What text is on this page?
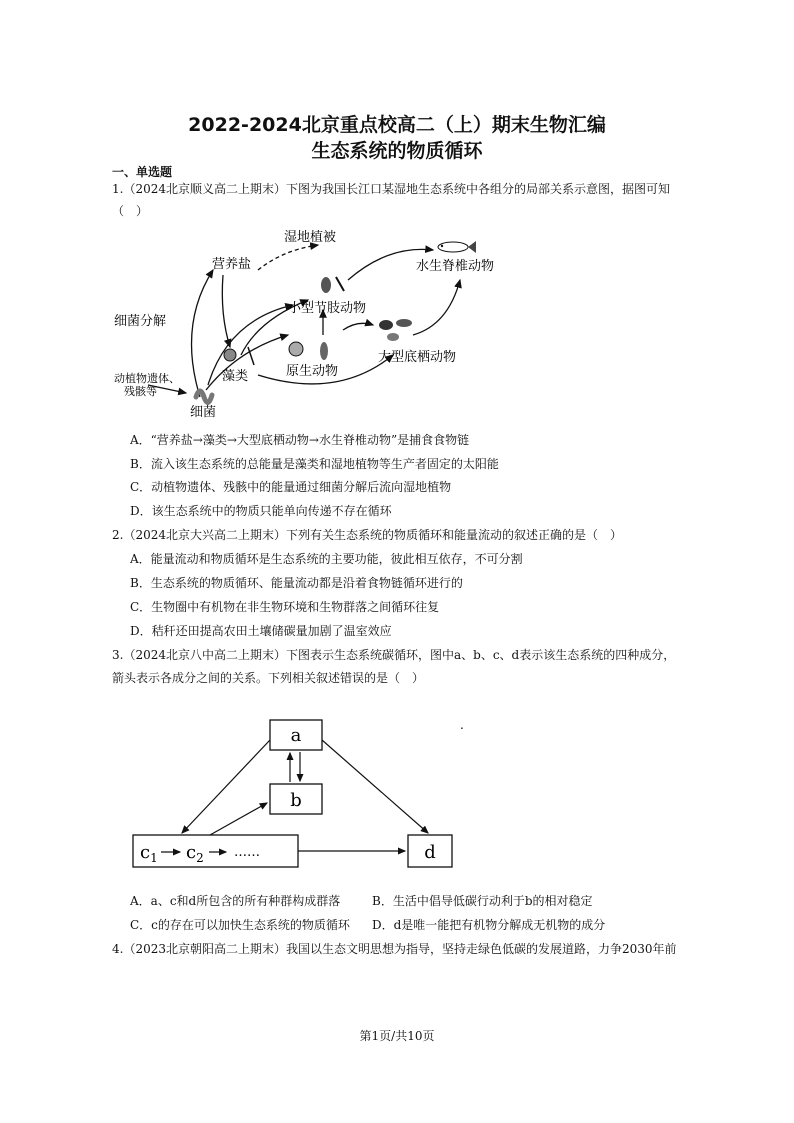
2022-2024北京重点校高二（上）期末生物汇编
生态系统的物质循环
一、单选题
1.（2024北京顺义高二上期末）下图为我国长江口某湿地生态系统中各组分的局部关系示意图，据图可知
（　）
湿地植被
营养盐	水生脊椎动物
小型节肢动物
细菌分解
藻类	原生动物
大型底栖动物
动植物遗体、
残骸等
细菌
A．“营养盐→藻类→大型底栖动物→水生脊椎动物”是捕食食物链
B．流入该生态系统的总能量是藻类和湿地植物等生产者固定的太阳能
C．动植物遗体、残骸中的能量通过细菌分解后流向湿地植物
D．该生态系统中的物质只能单向传递不存在循环
2.（2024北京大兴高二上期末）下列有关生态系统的物质循环和能量流动的叙述正确的是（　）
A．能量流动和物质循环是生态系统的主要功能，彼此相互依存，不可分割
B．生态系统的物质循环、能量流动都是沿着食物链循环进行的
C．生物圈中有机物在非生物环境和生物群落之间循环往复
D．秸秆还田提高农田土壤储碳量加剧了温室效应
3.（2024北京八中高二上期末）下图表示生态系统碳循环，图中a、b、c、d表示该生态系统的四种成分，
箭头表示各成分之间的关系。下列相关叙述错误的是（　）
a
b
$c_1$ $c_2$ ……	d
.
A．a、c和d所包含的所有种群构成群落	B．生活中倡导低碳行动利于b的相对稳定
C．c的存在可以加快生态系统的物质循环 D．d是唯一能把有机物分解成无机物的成分
4.（2023北京朝阳高二上期末）我国以生态文明思想为指导，坚持走绿色低碳的发展道路，力争2030年前
第1页/共10页
